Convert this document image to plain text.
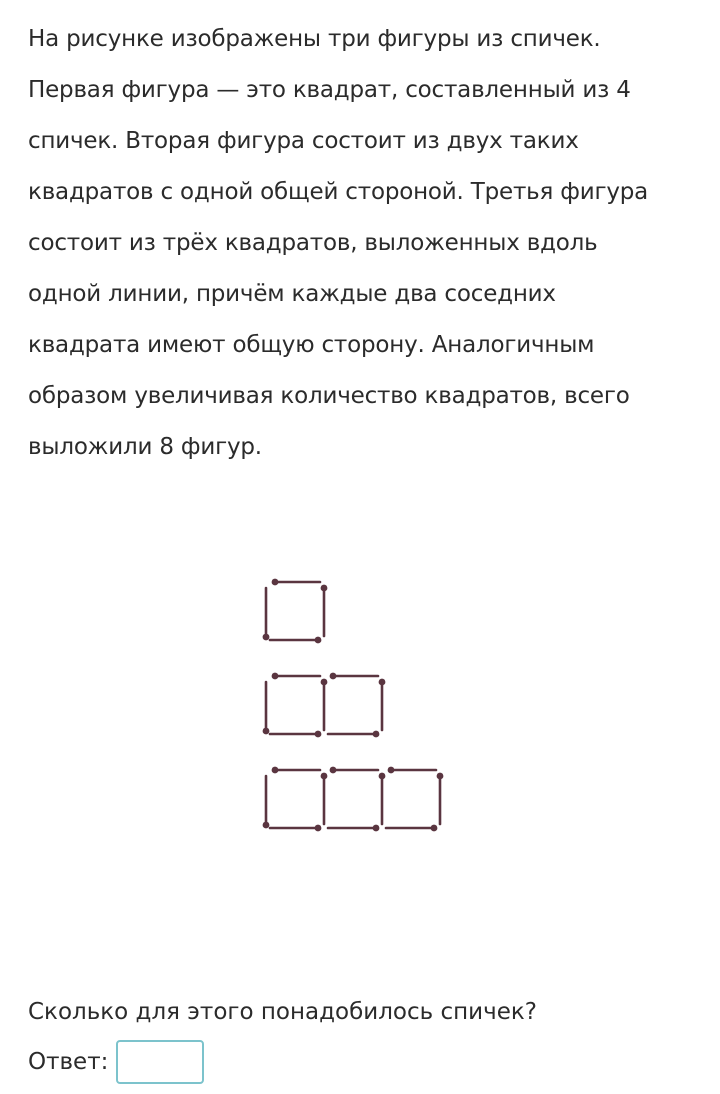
На рисунке изображены три фигуры из спичек.
Первая фигура — это квадрат, составленный из 4
спичек. Вторая фигура состоит из двух таких
квадратов с одной общей стороной. Третья фигура
состоит из трёх квадратов, выложенных вдоль
одной линии, причём каждые два соседних
квадрата имеют общую сторону. Аналогичным
образом увеличивая количество квадратов, всего
выложили 8 фигур.

Сколько для этого понадобилось спичек?

Ответ:
